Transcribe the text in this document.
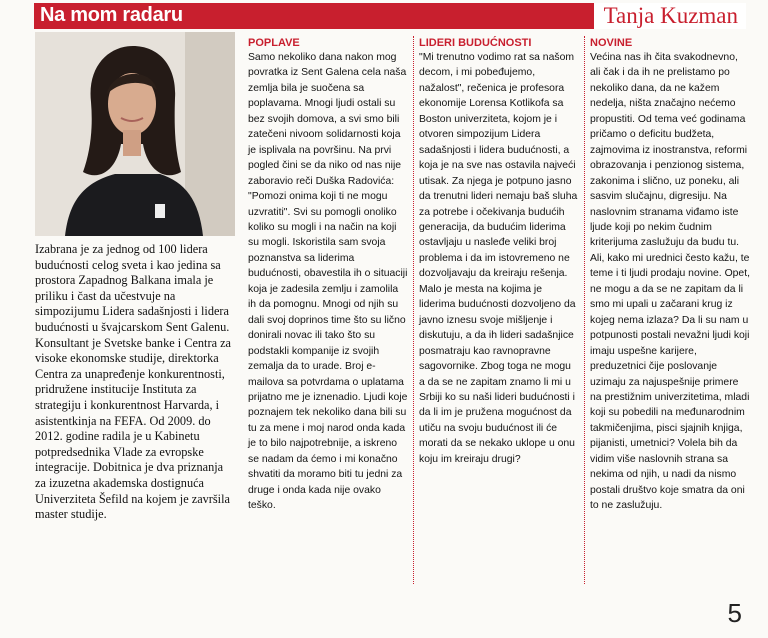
Na mom radaru	Tanja Kuzman

Izabrana je za jednog od 100 lidera budućnosti celog sveta i kao jedina sa prostora Zapadnog Balkana imala je priliku i čast da učestvuje na simpozijumu Lidera sadašnjosti i lidera budućnosti u švajcarskom Sent Galenu. Konsultant je Svetske banke i Centra za visoke ekonomske studije, direktorka Centra za unapređenje konkurentnosti, pridružene institucije Instituta za strategiju i konkurentnost Harvarda, i asistentkinja na FEFA. Od 2009. do 2012. godine radila je u Kabinetu potpredsednika Vlade za evropske integracije. Dobitnica je dva priznanja za izuzetna akademska dostignuća Univerziteta Šefild na kojem je završila master studije.

POPLAVE

Samo nekoliko dana nakon mog povratka iz Sent Galena cela naša zemlja bila je suočena sa poplavama. Mnogi ljudi ostali su bez svojih domova, a svi smo bili zatečeni nivoom solidarnosti koja je isplivala na površinu. Na prvi pogled čini se da niko od nas nije zaboravio reči Duška Radovića: "Pomozi onima koji ti ne mogu uzvratiti". Svi su pomogli onoliko koliko su mogli i na način na koji su mogli. Iskoristila sam svoja poznanstva sa liderima budućnosti, obavestila ih o situaciji koja je zadesila zemlju i zamolila ih da pomognu. Mnogi od njih su dali svoj doprinos time što su lično donirali novac ili tako što su podstakli kompanije iz svojih zemalja da to urade. Broj e-mailova sa potvrdama o uplatama prijatno me je iznenadio. Ljudi koje poznajem tek nekoliko dana bili su tu za mene i moj narod onda kada je to bilo najpotrebnije, a iskreno se nadam da ćemo i mi konačno shvatiti da moramo biti tu jedni za druge i onda kada nije ovako teško.

LIDERI BUDUĆNOSTI

"Mi trenutno vodimo rat sa našom decom, i mi pobeđujemo, nažalost", rečenica je profesora ekonomije Lorensa Kotlikofa sa Boston univerziteta, kojom je i otvoren simpozijum Lidera sadašnjosti i lidera budućnosti, a koja je na sve nas ostavila najveći utisak. Za njega je potpuno jasno da trenutni lideri nemaju baš sluha za potrebe i očekivanja budućih generacija, da budućim liderima ostavljaju u nasleđe veliki broj problema i da im istovremeno ne dozvoljavaju da kreiraju rešenja. Malo je mesta na kojima je liderima budućnosti dozvoljeno da javno iznesu svoje mišljenje i diskutuju, a da ih lideri sadašnjice posmatraju kao ravnopravne sagovornike. Zbog toga ne mogu a da se ne zapitam znamo li mi u Srbiji ko su naši lideri budućnosti i da li im je pružena mogućnost da utiču na svoju budućnost ili će morati da se nekako uklope u onu koju im kreiraju drugi?

NOVINE

Većina nas ih čita svakodnevno, ali čak i da ih ne prelistamo po nekoliko dana, da ne kažem nedelja, ništa značajno nećemo propustiti. Od tema već godinama pričamo o deficitu budžeta, zajmovima iz inostranstva, reformi obrazovanja i penzionog sistema, zakonima i slično, uz poneku, ali sasvim slučajnu, digresiju. Na naslovnim stranama viđamo iste ljude koji po nekim čudnim kriterijuma zaslužuju da budu tu. Ali, kako mi urednici često kažu, te teme i ti ljudi prodaju novine. Opet, ne mogu a da se ne zapitam da li smo mi upali u začarani krug iz kojeg nema izlaza? Da li su nam u potpunosti postali nevažni ljudi koji imaju uspešne karijere, preduzetnici čije poslovanje uzimaju za najuspešnije primere na prestižnim univerzitetima, mladi koji su pobedili na međunarodnim takmičenjima, pisci sjajnih knjiga, pijanisti, umetnici? Volela bih da vidim više naslovnih strana sa nekima od njih, u nadi da nismo postali društvo koje smatra da oni to ne zaslužuju.

5
